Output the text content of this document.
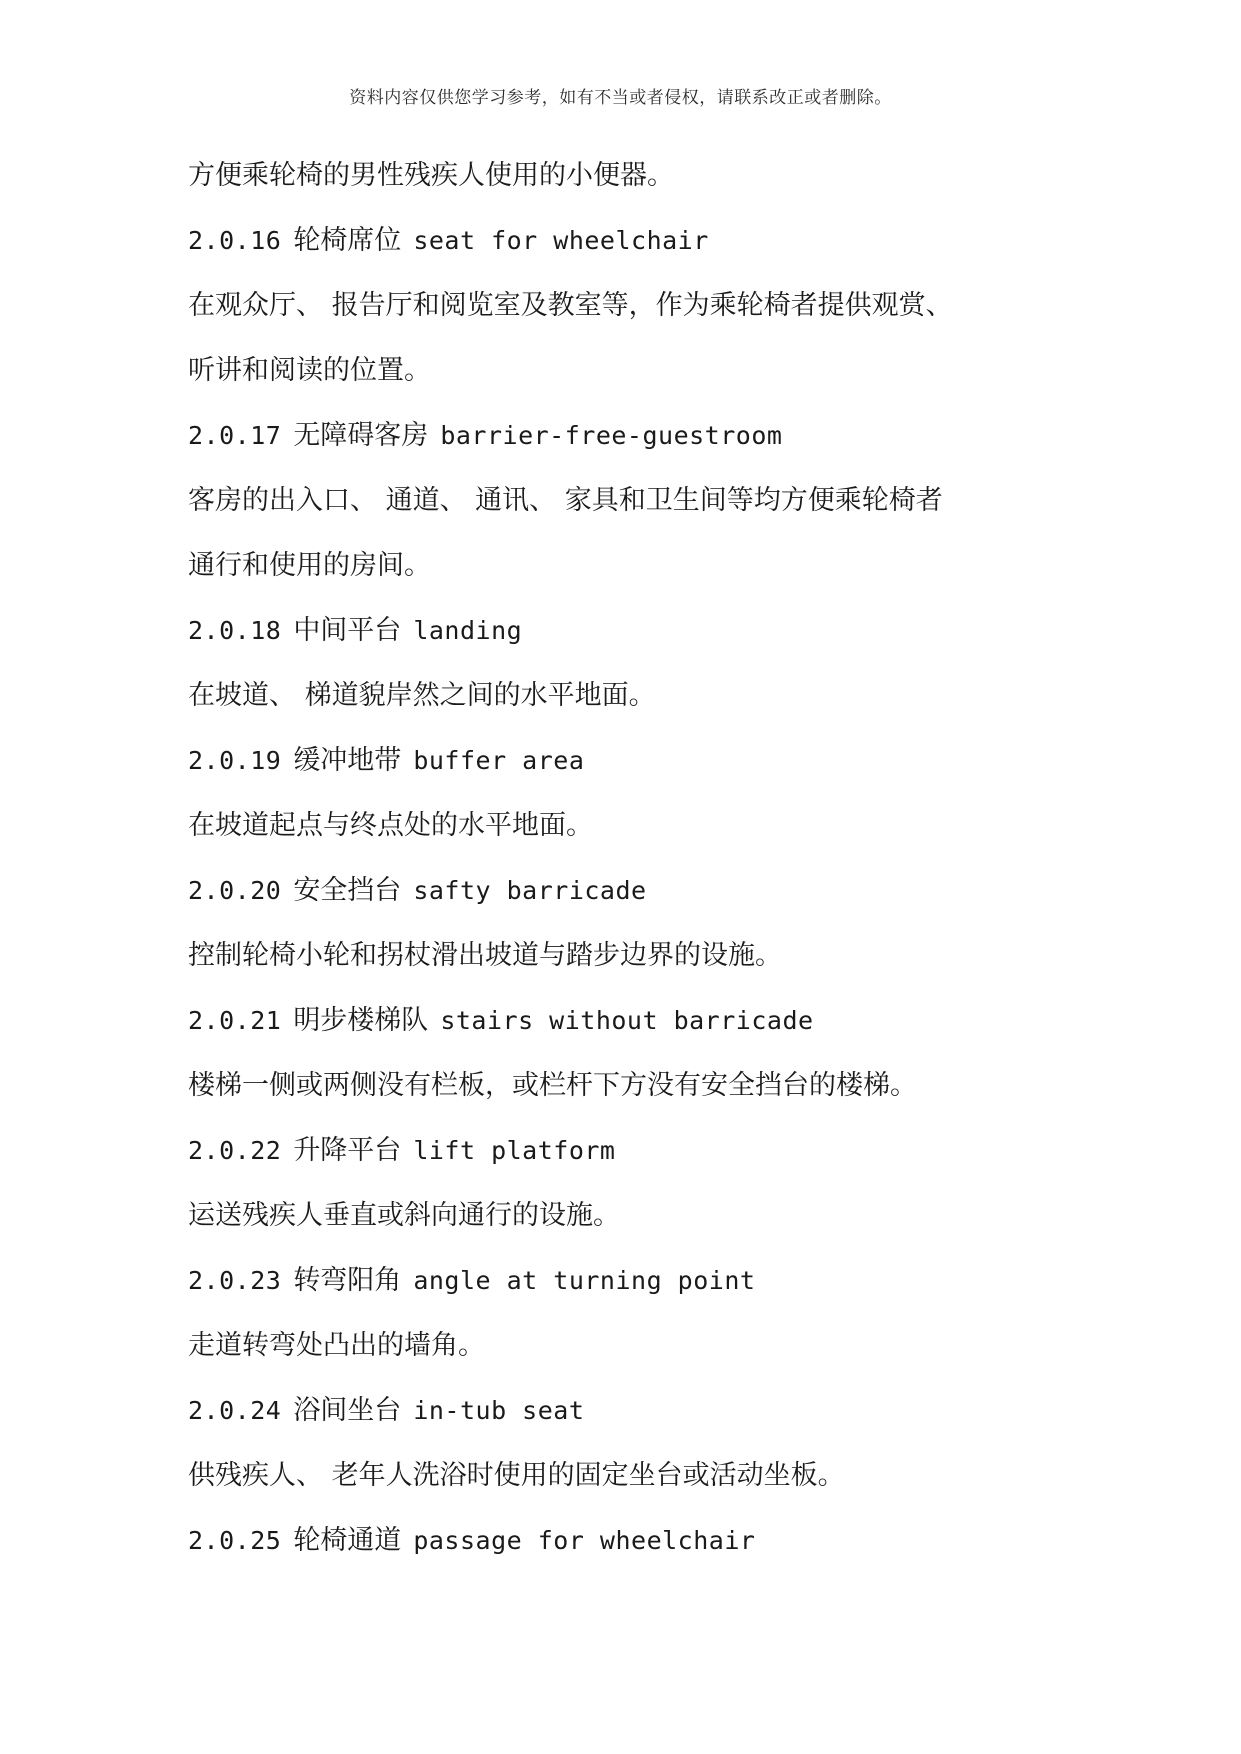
资料内容仅供您学习参考，如有不当或者侵权，请联系改正或者删除。
方便乘轮椅的男性残疾人使用的小便器。
2.0.16 轮椅席位 seat for wheelchair
在观众厅、 报告厅和阅览室及教室等，作为乘轮椅者提供观赏、
听讲和阅读的位置。
2.0.17 无障碍客房 barrier-free-guestroom
客房的出入口、 通道、 通讯、 家具和卫生间等均方便乘轮椅者
通行和使用的房间。
2.0.18 中间平台 landing
在坡道、 梯道貌岸然之间的水平地面。
2.0.19 缓冲地带 buffer area
在坡道起点与终点处的水平地面。
2.0.20 安全挡台 safty barricade
控制轮椅小轮和拐杖滑出坡道与踏步边界的设施。
2.0.21 明步楼梯队 stairs without barricade
楼梯一侧或两侧没有栏板，或栏杆下方没有安全挡台的楼梯。
2.0.22 升降平台 lift platform
运送残疾人垂直或斜向通行的设施。
2.0.23 转弯阳角 angle at turning point
走道转弯处凸出的墙角。
2.0.24 浴间坐台 in-tub seat
供残疾人、 老年人洗浴时使用的固定坐台或活动坐板。
2.0.25 轮椅通道 passage for wheelchair
